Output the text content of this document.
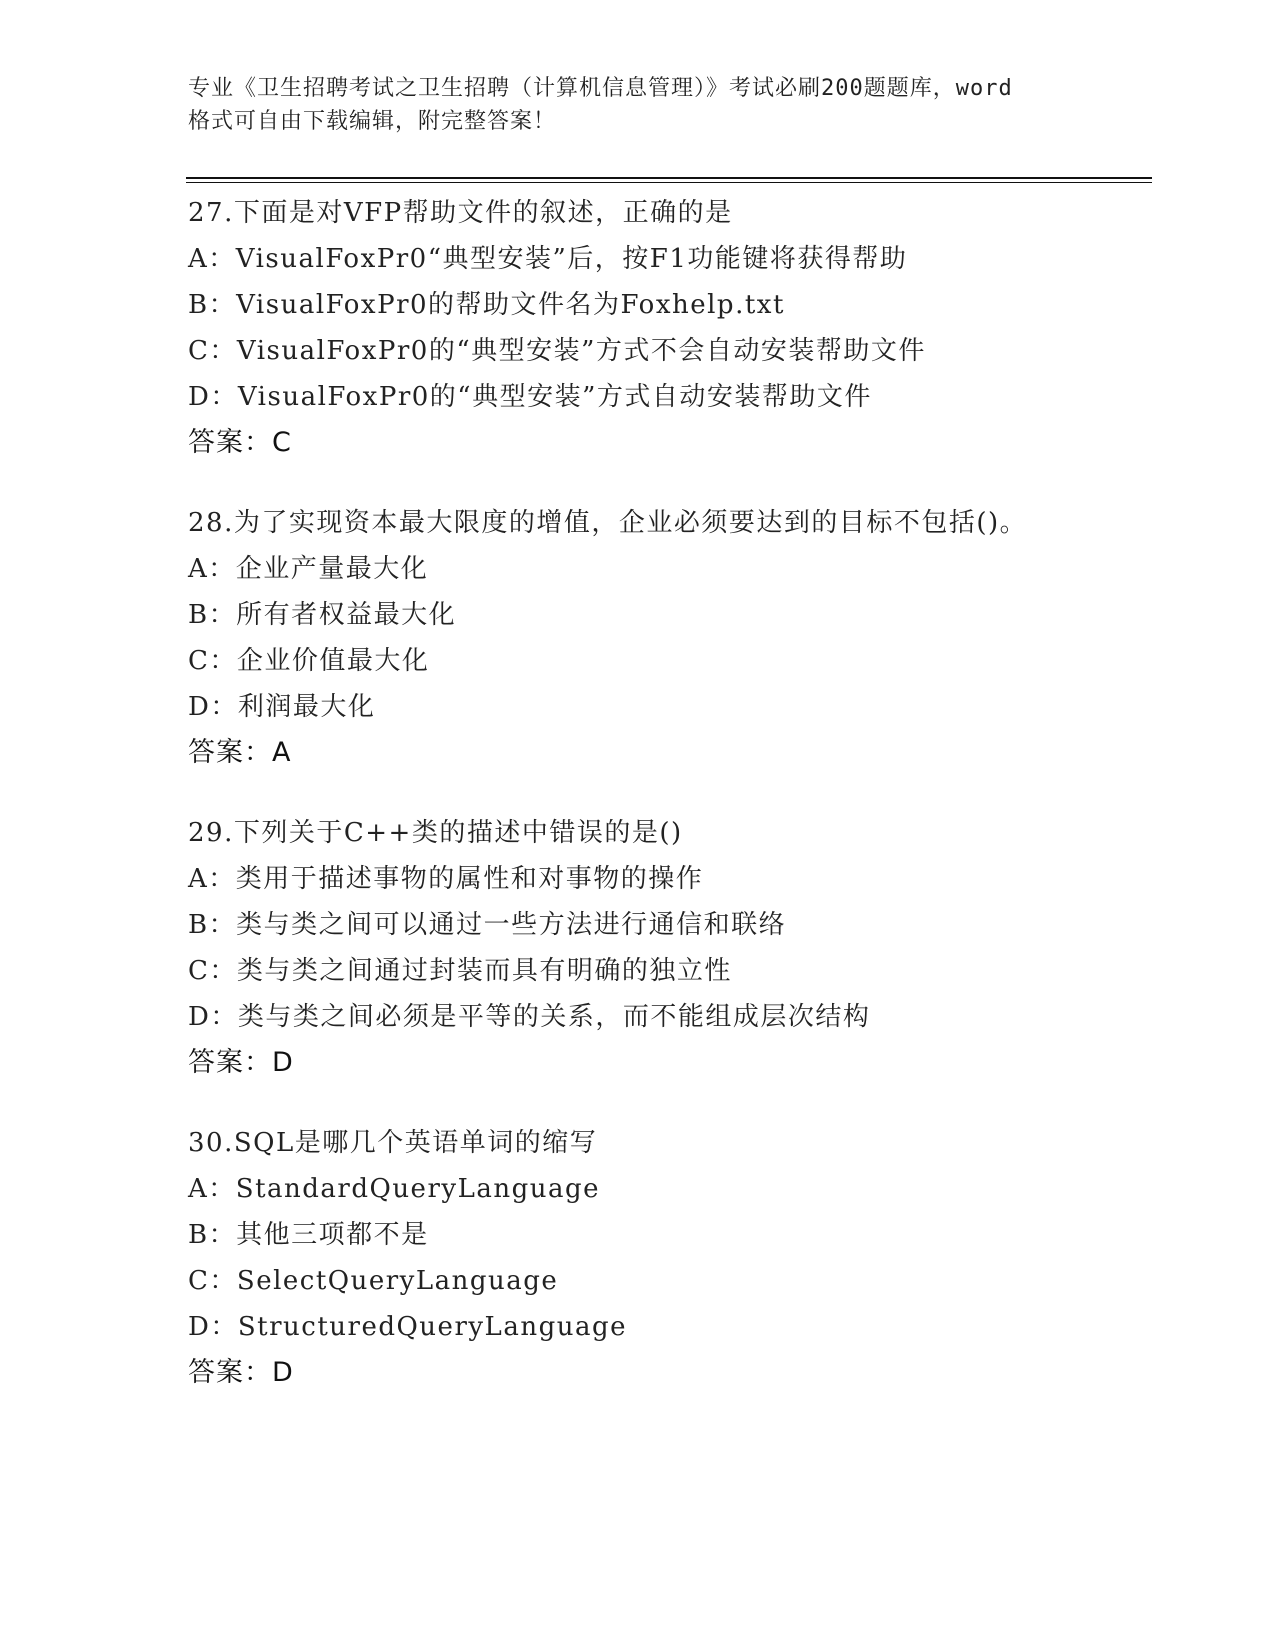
专业《卫生招聘考试之卫生招聘（计算机信息管理）》考试必刷200题题库，word
格式可自由下载编辑，附完整答案！
27.下面是对VFP帮助文件的叙述，正确的是
A：VisualFoxPr0“典型安装”后，按F1功能键将获得帮助
B：VisualFoxPr0的帮助文件名为Foxhelp.txt
C：VisualFoxPr0的“典型安装”方式不会自动安装帮助文件
D：VisualFoxPr0的“典型安装”方式自动安装帮助文件
答案：C
28.为了实现资本最大限度的增值，企业必须要达到的目标不包括()。
A：企业产量最大化
B：所有者权益最大化
C：企业价值最大化
D：利润最大化
答案：A
29.下列关于C++类的描述中错误的是()
A：类用于描述事物的属性和对事物的操作
B：类与类之间可以通过一些方法进行通信和联络
C：类与类之间通过封装而具有明确的独立性
D：类与类之间必须是平等的关系，而不能组成层次结构
答案：D
30.SQL是哪几个英语单词的缩写
A：StandardQueryLanguage
B：其他三项都不是
C：SelectQueryLanguage
D：StructuredQueryLanguage
答案：D
